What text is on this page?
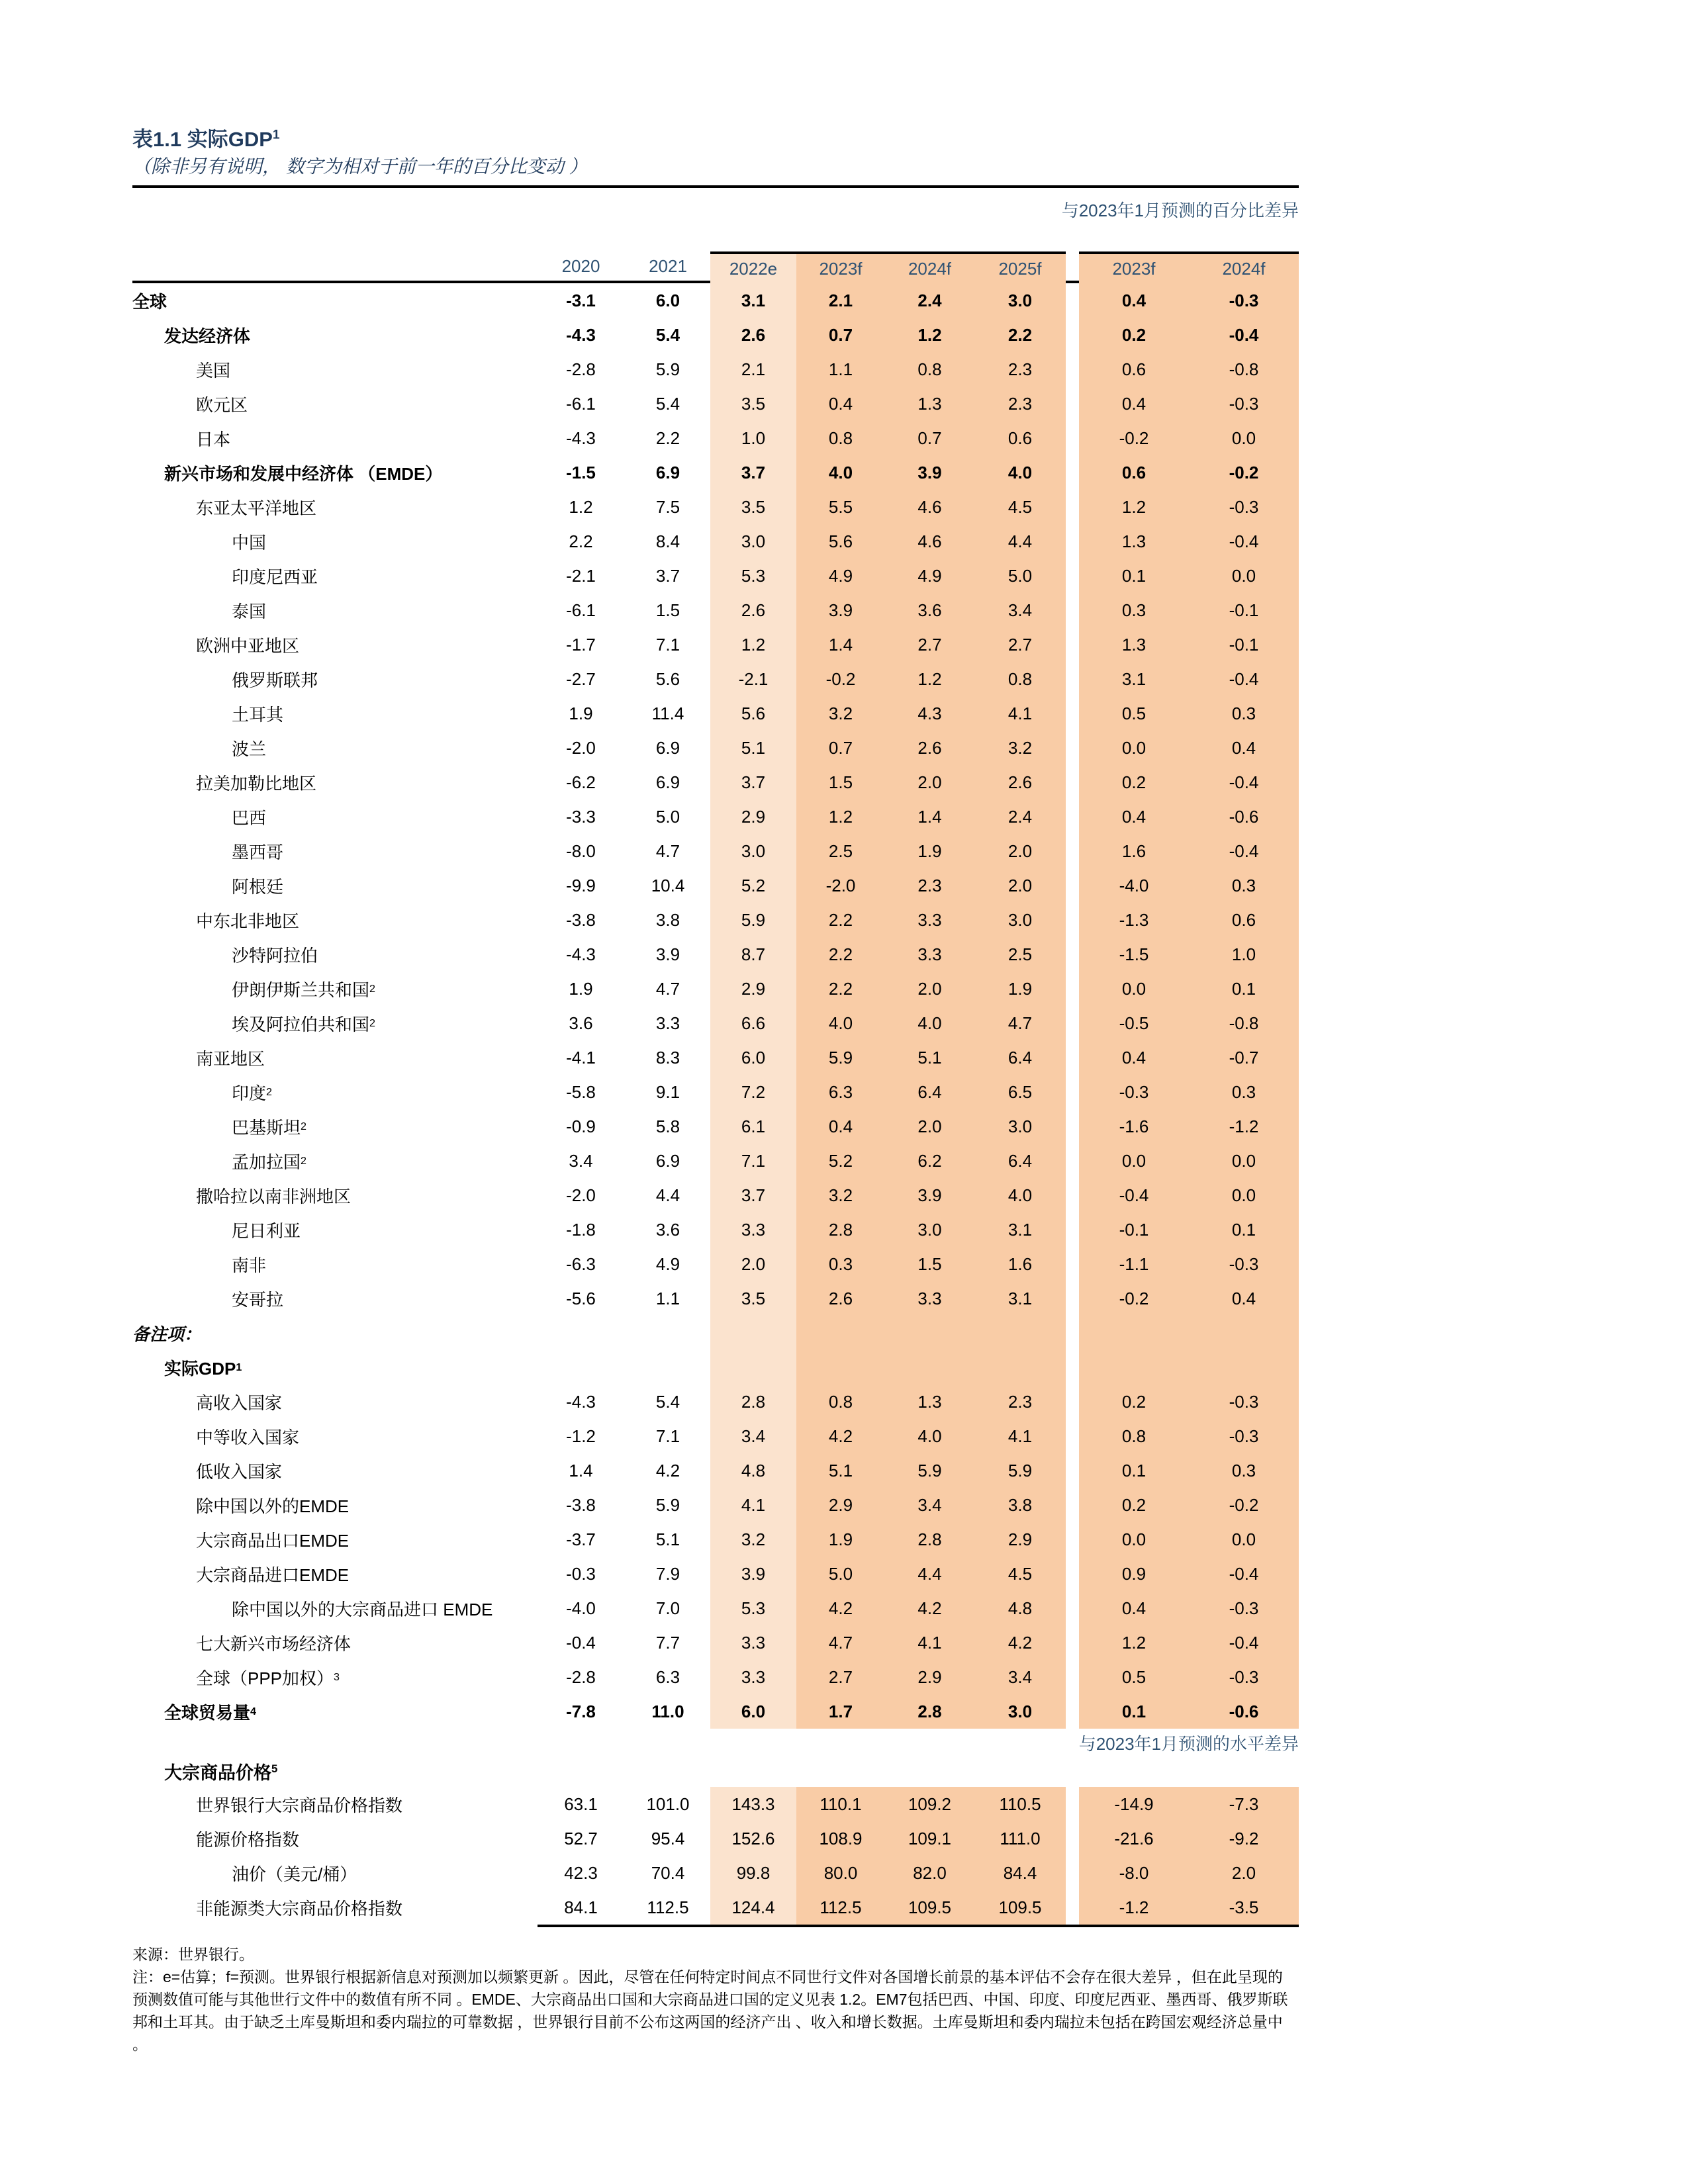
表1.1 实际GDP$^1$
（除非另有说明， 数字为相对于前一年的百分比变动 ）
与2023年1月预测的百分比差异
2020	2021	2022e	2023f	2024f	2025f	2023f	2024f
全球	-3.1	6.0	3.1	2.1	2.4	3.0	0.4	-0.3
发达经济体	-4.3	5.4	2.6	0.7	1.2	2.2	0.2	-0.4
美国	-2.8	5.9	2.1	1.1	0.8	2.3	0.6	-0.8
欧元区	-6.1	5.4	3.5	0.4	1.3	2.3	0.4	-0.3
日本	-4.3	2.2	1.0	0.8	0.7	0.6	-0.2	0.0
新兴市场和发展中经济体 （EMDE）	-1.5	6.9	3.7	4.0	3.9	4.0	0.6	-0.2
东亚太平洋地区	1.2	7.5	3.5	5.5	4.6	4.5	1.2	-0.3
中国	2.2	8.4	3.0	5.6	4.6	4.4	1.3	-0.4
印度尼西亚	-2.1	3.7	5.3	4.9	4.9	5.0	0.1	0.0
泰国	-6.1	1.5	2.6	3.9	3.6	3.4	0.3	-0.1
欧洲中亚地区	-1.7	7.1	1.2	1.4	2.7	2.7	1.3	-0.1
俄罗斯联邦	-2.7	5.6	-2.1	-0.2	1.2	0.8	3.1	-0.4
土耳其	1.9	11.4	5.6	3.2	4.3	4.1	0.5	0.3
波兰	-2.0	6.9	5.1	0.7	2.6	3.2	0.0	0.4
拉美加勒比地区	-6.2	6.9	3.7	1.5	2.0	2.6	0.2	-0.4
巴西	-3.3	5.0	2.9	1.2	1.4	2.4	0.4	-0.6
墨西哥	-8.0	4.7	3.0	2.5	1.9	2.0	1.6	-0.4
阿根廷	-9.9	10.4	5.2	-2.0	2.3	2.0	-4.0	0.3
中东北非地区	-3.8	3.8	5.9	2.2	3.3	3.0	-1.3	0.6
沙特阿拉伯	-4.3	3.9	8.7	2.2	3.3	2.5	-1.5	1.0
伊朗伊斯兰共和国 2	1.9	4.7	2.9	2.2	2.0	1.9	0.0	0.1
埃及阿拉伯共和国 2	3.6	3.3	6.6	4.0	4.0	4.7	-0.5	-0.8
南亚地区	-4.1	8.3	6.0	5.9	5.1	6.4	0.4	-0.7
印度 2	-5.8	9.1	7.2	6.3	6.4	6.5	-0.3	0.3
巴基斯坦 2	-0.9	5.8	6.1	0.4	2.0	3.0	-1.6	-1.2
孟加拉国 2	3.4	6.9	7.1	5.2	6.2	6.4	0.0	0.0
撒哈拉以南非洲地区	-2.0	4.4	3.7	3.2	3.9	4.0	-0.4	0.0
尼日利亚	-1.8	3.6	3.3	2.8	3.0	3.1	-0.1	0.1
南非	-6.3	4.9	2.0	0.3	1.5	1.6	-1.1	-0.3
安哥拉	-5.6	1.1	3.5	2.6	3.3	3.1	-0.2	0.4
备注项：
实际GDP 1
高收入国家	-4.3	5.4	2.8	0.8	1.3	2.3	0.2	-0.3
中等收入国家	-1.2	7.1	3.4	4.2	4.0	4.1	0.8	-0.3
低收入国家	1.4	4.2	4.8	5.1	5.9	5.9	0.1	0.3
除中国以外的EMDE	-3.8	5.9	4.1	2.9	3.4	3.8	0.2	-0.2
大宗商品出口EMDE	-3.7	5.1	3.2	1.9	2.8	2.9	0.0	0.0
大宗商品进口EMDE	-0.3	7.9	3.9	5.0	4.4	4.5	0.9	-0.4
除中国以外的大宗商品进口 EMDE	-4.0	7.0	5.3	4.2	4.2	4.8	0.4	-0.3
七大新兴市场经济体	-0.4	7.7	3.3	4.7	4.1	4.2	1.2	-0.4
全球（PPP加权） 3	-2.8	6.3	3.3	2.7	2.9	3.4	0.5	-0.3
全球贸易量 4	-7.8	11.0	6.0	1.7	2.8	3.0	0.1	-0.6
与2023年1月预测的水平差异
大宗商品价格$^5$
世界银行大宗商品价格指数	63.1	101.0	143.3	110.1	109.2	110.5	-14.9	-7.3
能源价格指数	52.7	95.4	152.6	108.9	109.1	111.0	-21.6	-9.2
油价（美元/桶）	42.3	70.4	99.8	80.0	82.0	84.4	-8.0	2.0
非能源类大宗商品价格指数	84.1	112.5	124.4	112.5	109.5	109.5	-1.2	-3.5
来源：世界银行。
注：e=估算；f=预测。世界银行根据新信息对预测加以频繁更新 。因此，尽管在任何特定时间点不同世行文件对各国增长前景的基本评估不会存在很大差异 ，但在此呈现的
预测数值可能与其他世行文件中的数值有所不同 。EMDE、大宗商品出口国和大宗商品进口国的定义见表 1.2。EM7包括巴西、中国、印度、印度尼西亚、墨西哥、俄罗斯联
邦和土耳其。由于缺乏土库曼斯坦和委内瑞拉的可靠数据 ，世界银行目前不公布这两国的经济产出 、收入和增长数据。土库曼斯坦和委内瑞拉未包括在跨国宏观经济总量中
。
